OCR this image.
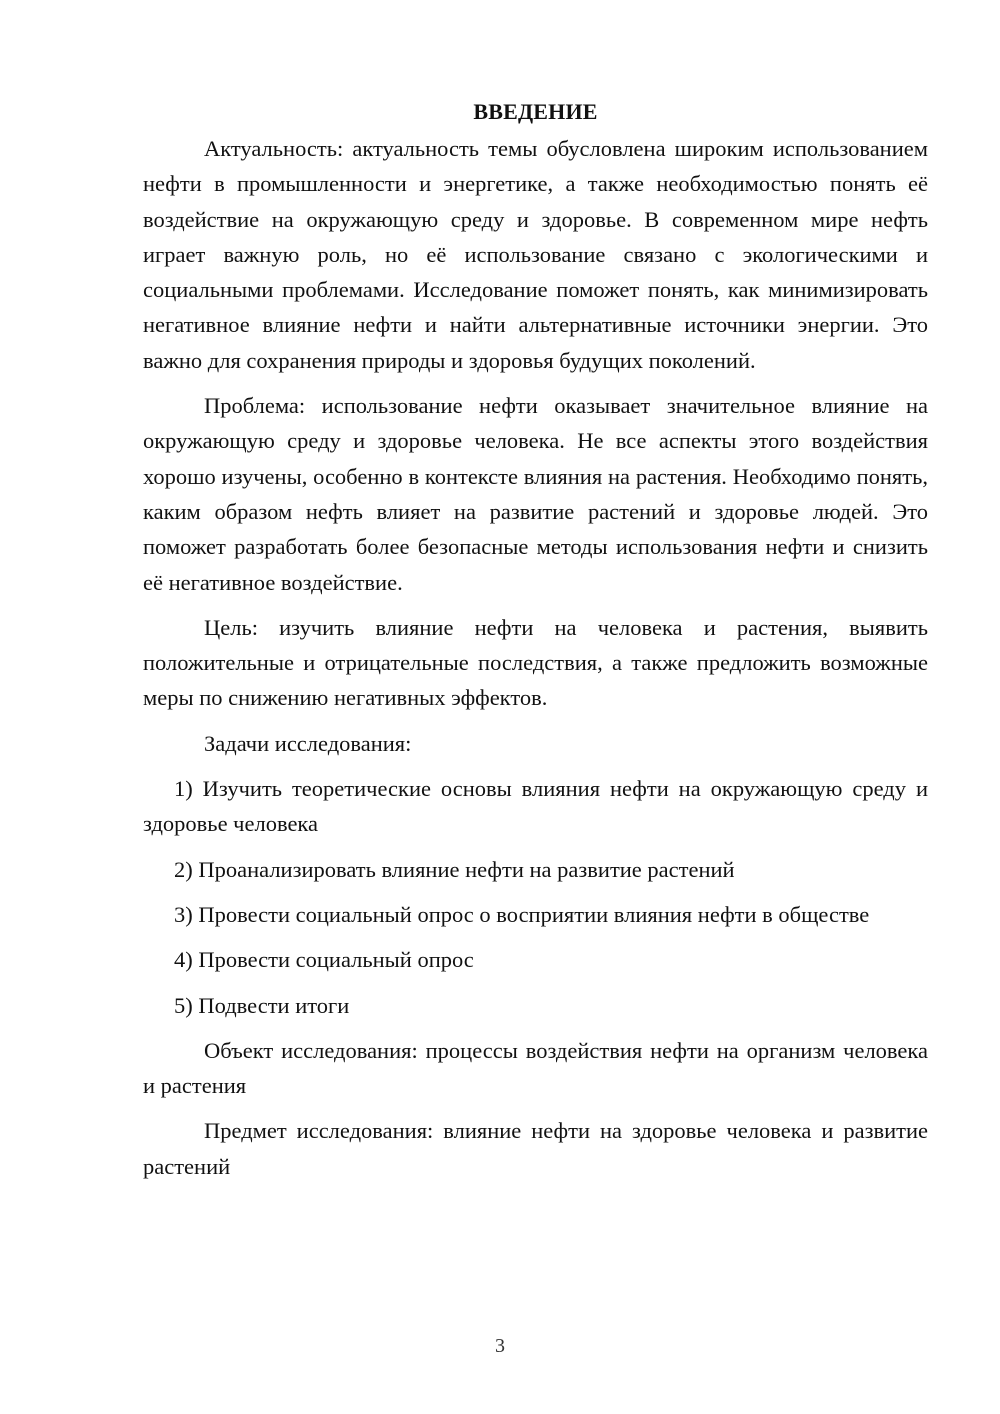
ВВЕДЕНИЕ

Актуальность: актуальность темы обусловлена широким использованием нефти в промышленности и энергетике, а также необходимостью понять её воздействие на окружающую среду и здоровье. В современном мире нефть играет важную роль, но её использование связано с экологическими и социальными проблемами. Исследование поможет понять, как минимизировать негативное влияние нефти и найти альтернативные источники энергии. Это важно для сохранения природы и здоровья будущих поколений.

Проблема: использование нефти оказывает значительное влияние на окружающую среду и здоровье человека. Не все аспекты этого воздействия хорошо изучены, особенно в контексте влияния на растения. Необходимо понять, каким образом нефть влияет на развитие растений и здоровье людей. Это поможет разработать более безопасные методы использования нефти и снизить её негативное воздействие.

Цель: изучить влияние нефти на человека и растения, выявить положительные и отрицательные последствия, а также предложить возможные меры по снижению негативных эффектов.

Задачи исследования:

1) Изучить теоретические основы влияния нефти на окружающую среду и здоровье человека

2) Проанализировать влияние нефти на развитие растений

3) Провести социальный опрос о восприятии влияния нефти в обществе

4) Провести социальный опрос

5) Подвести итоги

Объект исследования: процессы воздействия нефти на организм человека и растения

Предмет исследования: влияние нефти на здоровье человека и развитие растений

3
